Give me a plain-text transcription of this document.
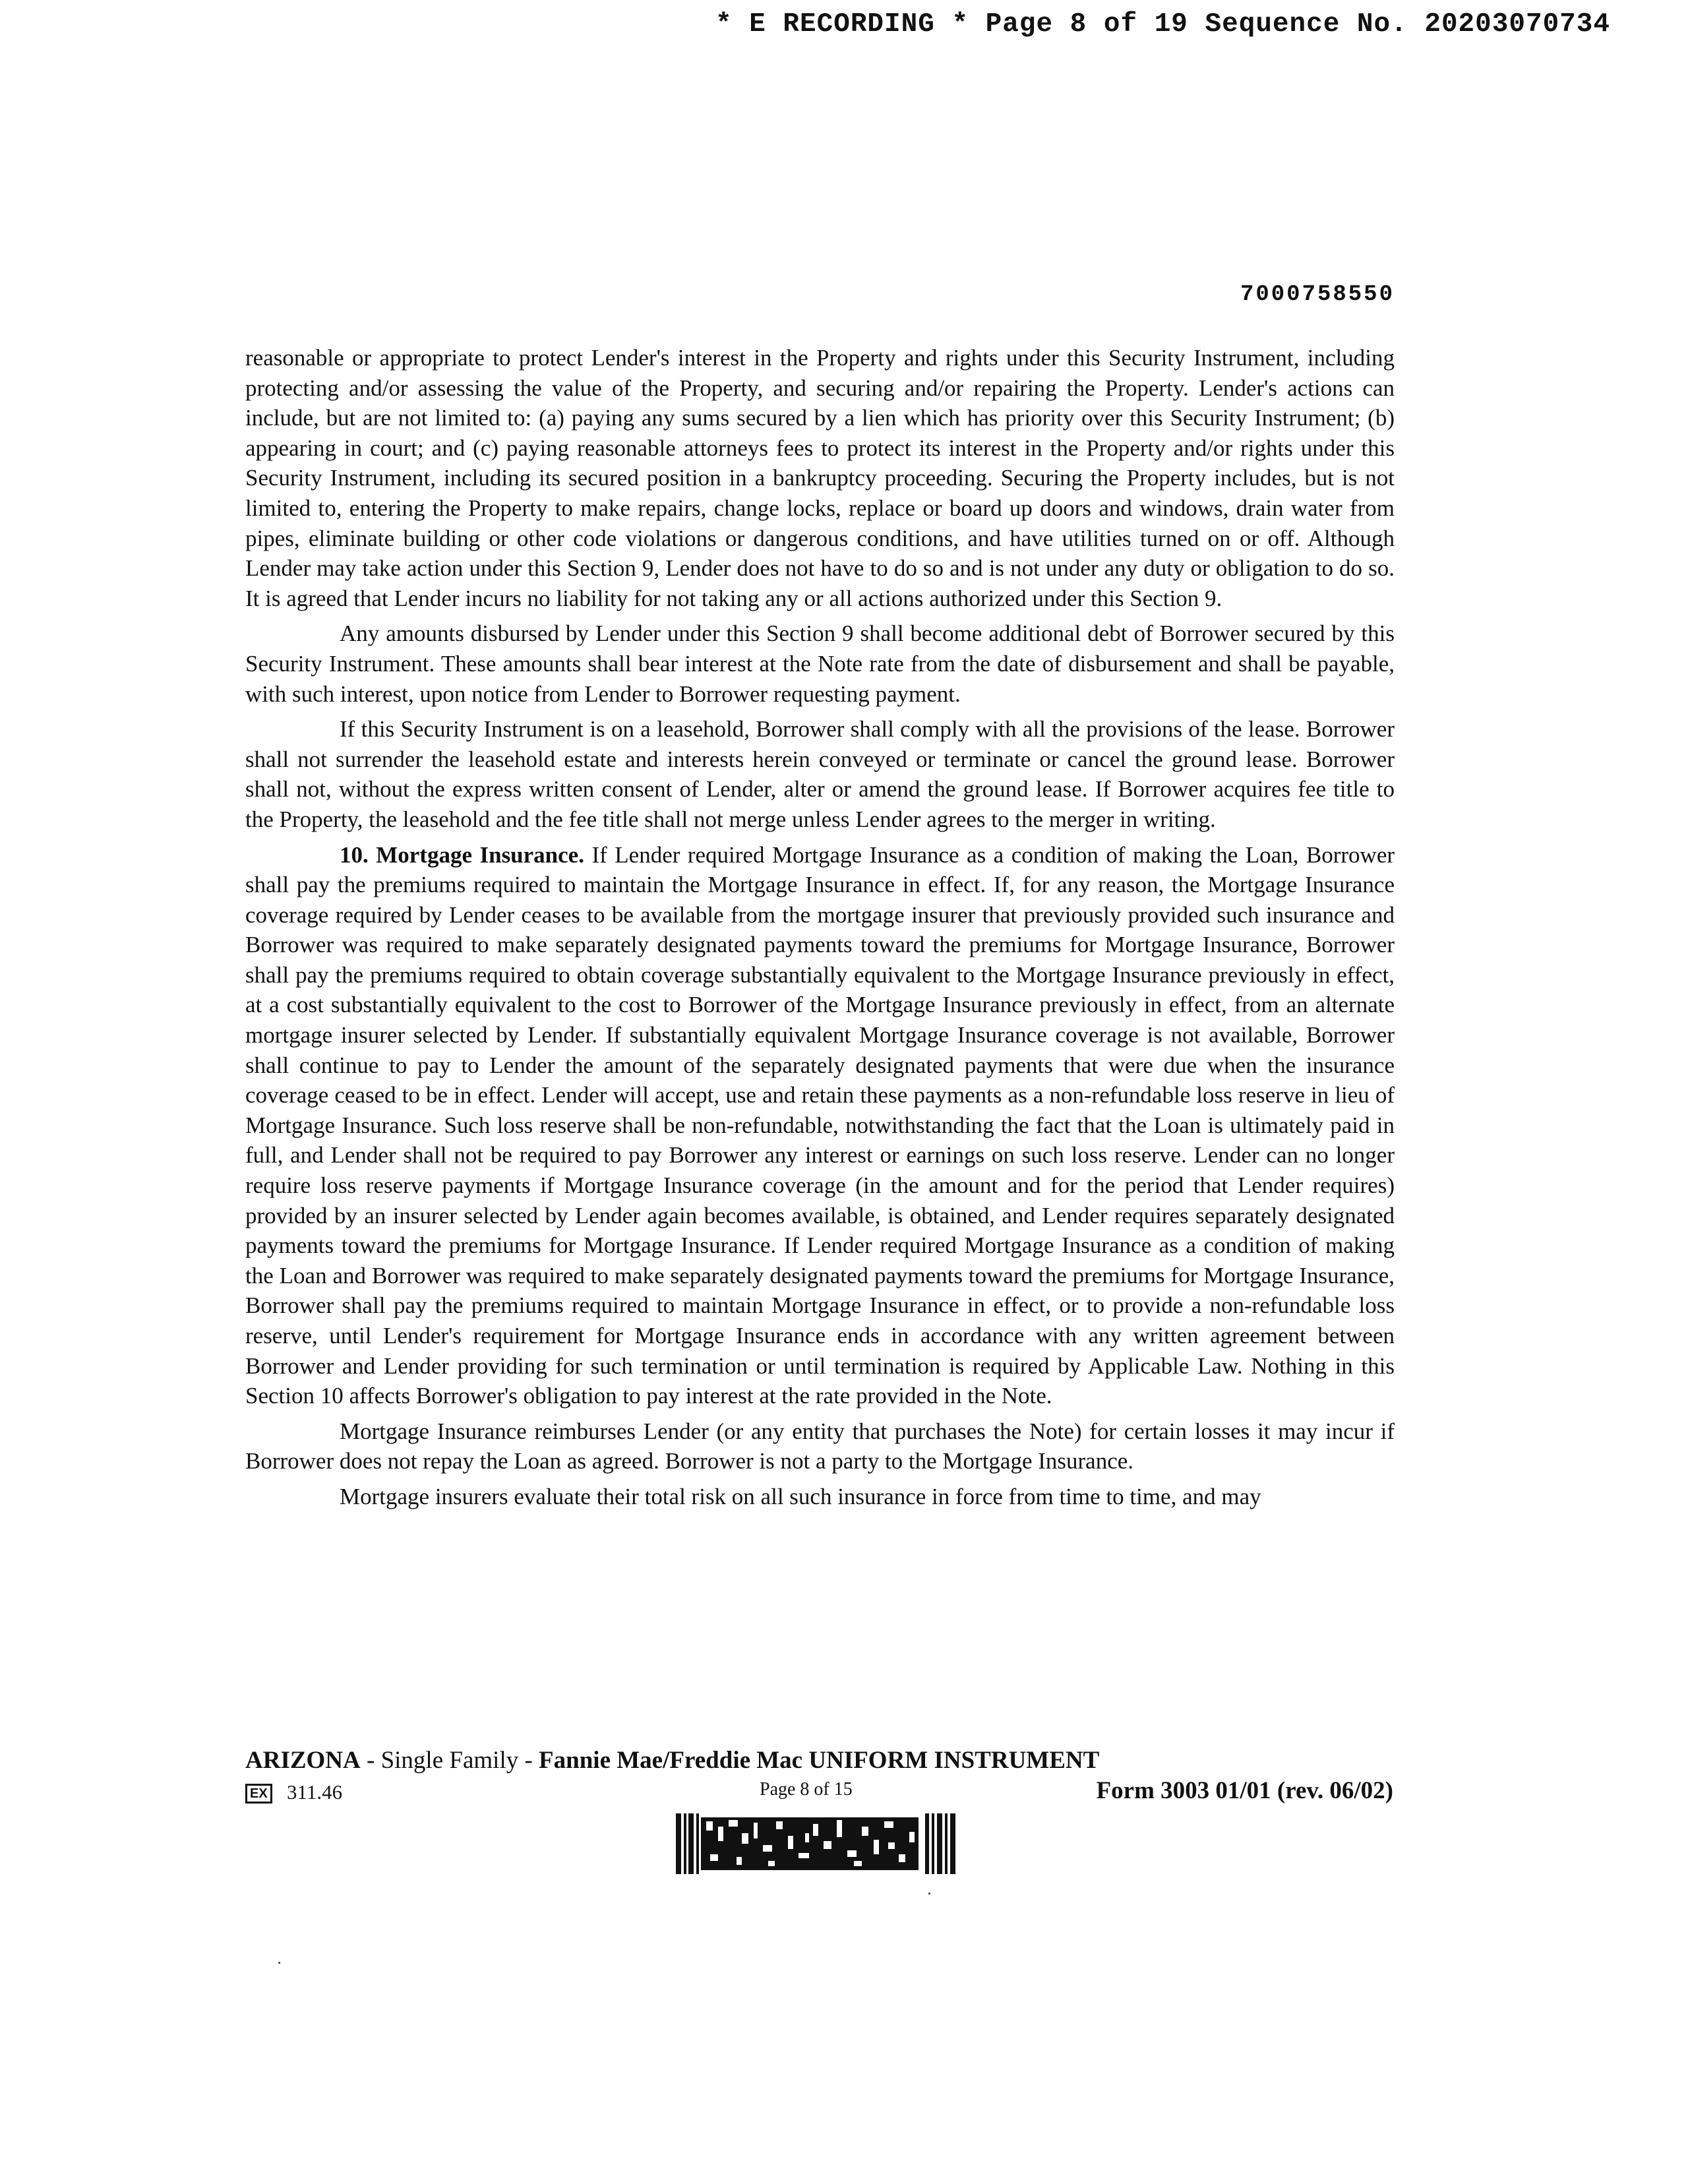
* E RECORDING * Page 8 of 19 Sequence No. 20203070734
7000758550

reasonable or appropriate to protect Lender's interest in the Property and rights under this Security Instrument, including protecting and/or assessing the value of the Property, and securing and/or repairing the Property. Lender's actions can include, but are not limited to: (a) paying any sums secured by a lien which has priority over this Security Instrument; (b) appearing in court; and (c) paying reasonable attorneys fees to protect its interest in the Property and/or rights under this Security Instrument, including its secured position in a bankruptcy proceeding. Securing the Property includes, but is not limited to, entering the Property to make repairs, change locks, replace or board up doors and windows, drain water from pipes, eliminate building or other code violations or dangerous conditions, and have utilities turned on or off. Although Lender may take action under this Section 9, Lender does not have to do so and is not under any duty or obligation to do so. It is agreed that Lender incurs no liability for not taking any or all actions authorized under this Section 9.

Any amounts disbursed by Lender under this Section 9 shall become additional debt of Borrower secured by this Security Instrument. These amounts shall bear interest at the Note rate from the date of disbursement and shall be payable, with such interest, upon notice from Lender to Borrower requesting payment.

If this Security Instrument is on a leasehold, Borrower shall comply with all the provisions of the lease. Borrower shall not surrender the leasehold estate and interests herein conveyed or terminate or cancel the ground lease. Borrower shall not, without the express written consent of Lender, alter or amend the ground lease. If Borrower acquires fee title to the Property, the leasehold and the fee title shall not merge unless Lender agrees to the merger in writing.

10. Mortgage Insurance. If Lender required Mortgage Insurance as a condition of making the Loan, Borrower shall pay the premiums required to maintain the Mortgage Insurance in effect. If, for any reason, the Mortgage Insurance coverage required by Lender ceases to be available from the mortgage insurer that previously provided such insurance and Borrower was required to make separately designated payments toward the premiums for Mortgage Insurance, Borrower shall pay the premiums required to obtain coverage substantially equivalent to the Mortgage Insurance previously in effect, at a cost substantially equivalent to the cost to Borrower of the Mortgage Insurance previously in effect, from an alternate mortgage insurer selected by Lender. If substantially equivalent Mortgage Insurance coverage is not available, Borrower shall continue to pay to Lender the amount of the separately designated payments that were due when the insurance coverage ceased to be in effect. Lender will accept, use and retain these payments as a non-refundable loss reserve in lieu of Mortgage Insurance. Such loss reserve shall be non-refundable, notwithstanding the fact that the Loan is ultimately paid in full, and Lender shall not be required to pay Borrower any interest or earnings on such loss reserve. Lender can no longer require loss reserve payments if Mortgage Insurance coverage (in the amount and for the period that Lender requires) provided by an insurer selected by Lender again becomes available, is obtained, and Lender requires separately designated payments toward the premiums for Mortgage Insurance. If Lender required Mortgage Insurance as a condition of making the Loan and Borrower was required to make separately designated payments toward the premiums for Mortgage Insurance, Borrower shall pay the premiums required to maintain Mortgage Insurance in effect, or to provide a non-refundable loss reserve, until Lender's requirement for Mortgage Insurance ends in accordance with any written agreement between Borrower and Lender providing for such termination or until termination is required by Applicable Law. Nothing in this Section 10 affects Borrower's obligation to pay interest at the rate provided in the Note.

Mortgage Insurance reimburses Lender (or any entity that purchases the Note) for certain losses it may incur if Borrower does not repay the Loan as agreed. Borrower is not a party to the Mortgage Insurance.

Mortgage insurers evaluate their total risk on all such insurance in force from time to time, and may

ARIZONA - Single Family - Fannie Mae/Freddie Mac UNIFORM INSTRUMENT
EX 311.46	Page 8 of 15	Form 3003 01/01 (rev. 06/02)
